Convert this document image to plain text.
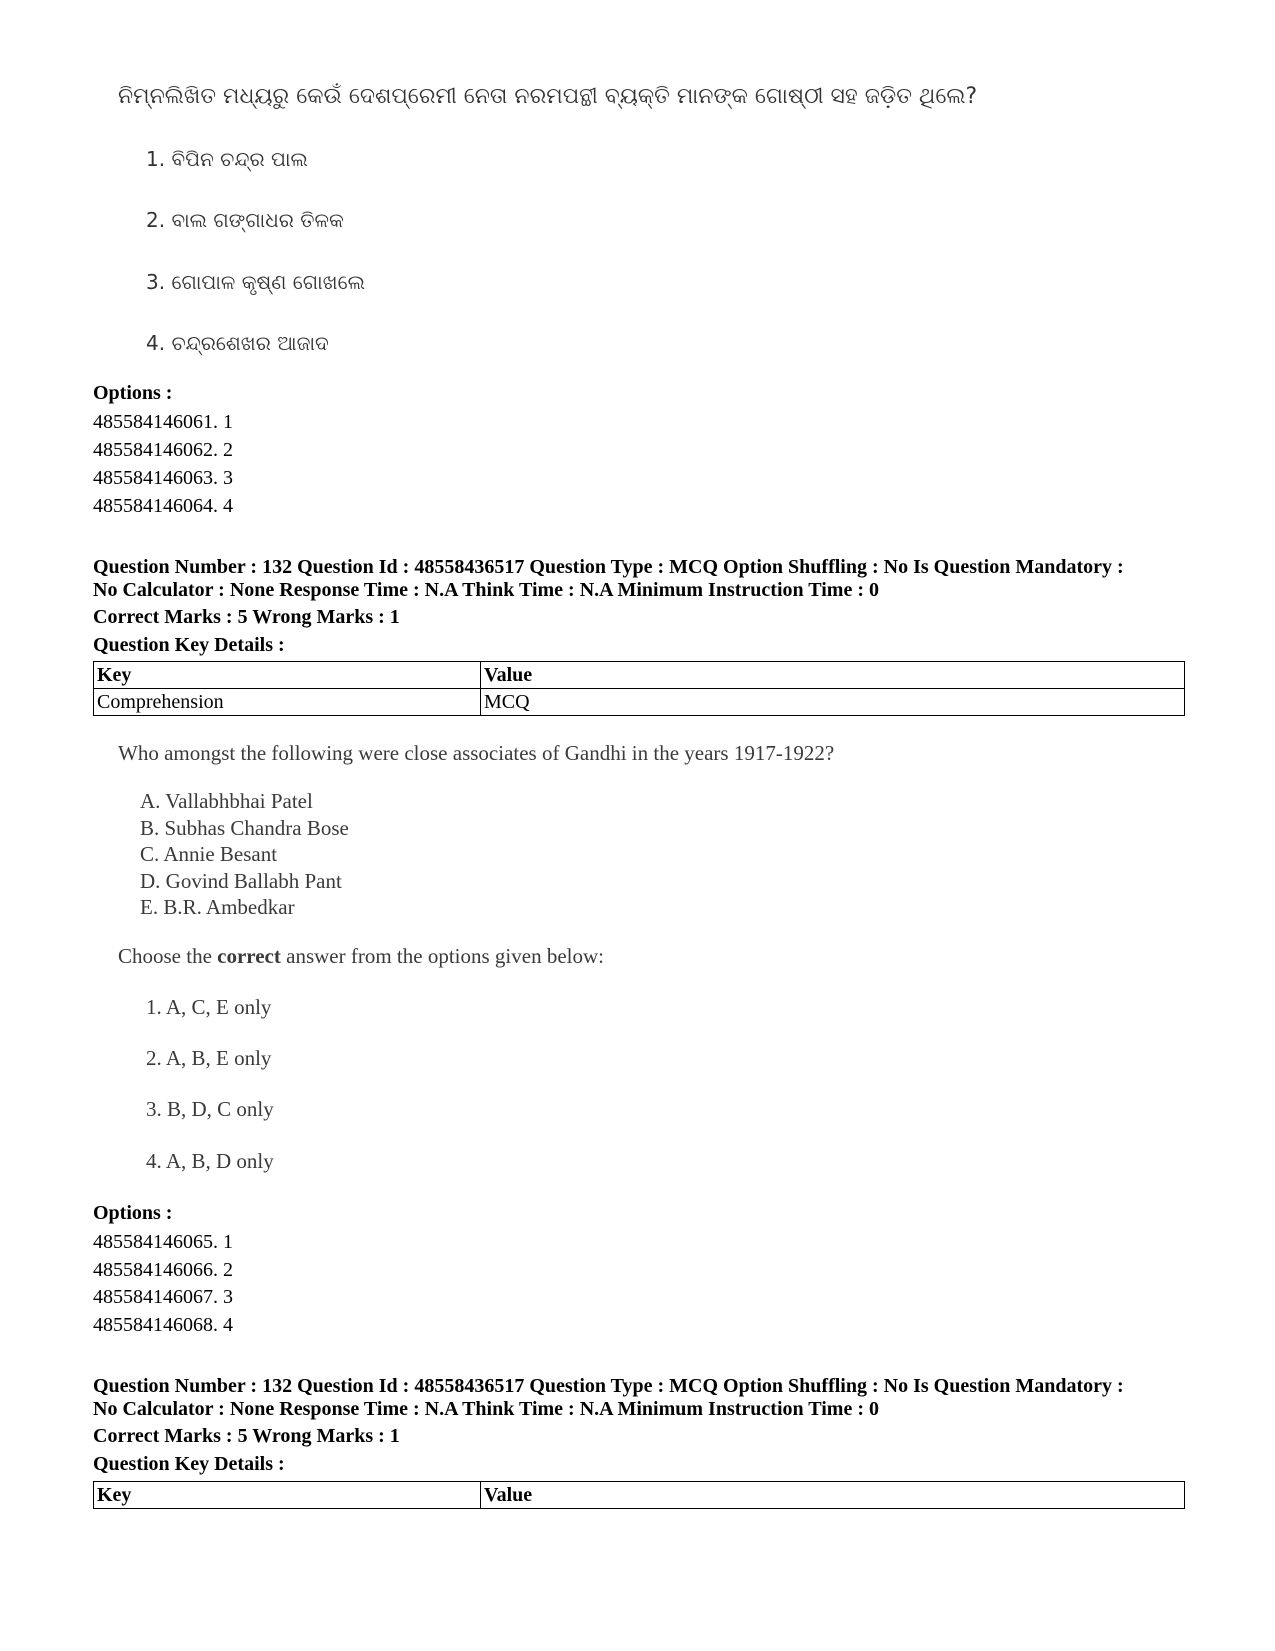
ନିମ୍ନଲିଖିତ ମଧ୍ୟରୁ କେଉଁ ଦେଶପ୍ରେମୀ ନେତା ନରମପନ୍ଥୀ ବ୍ୟକ୍ତି ମାନଙ୍କ ଗୋଷ୍ଠୀ ସହ ଜଡ଼ିତ ଥିଲେ?
1. ବିପିନ ଚନ୍ଦ୍ର ପାଲ
2. ବାଲ ଗଙ୍ଗାଧର ତିଳକ
3. ଗୋପାଳ କୃଷ୍ଣ ଗୋଖଲେ
4. ଚନ୍ଦ୍ରଶେଖର ଆଜାଦ
Options :
485584146061. 1
485584146062. 2
485584146063. 3
485584146064. 4
Question Number : 132 Question Id : 48558436517 Question Type : MCQ Option Shuffling : No Is Question Mandatory :
No Calculator : None Response Time : N.A Think Time : N.A Minimum Instruction Time : 0
Correct Marks : 5 Wrong Marks : 1
Question Key Details :
Key	Value
Comprehension	MCQ
Who amongst the following were close associates of Gandhi in the years 1917-1922?
A. Vallabhbhai Patel
B. Subhas Chandra Bose
C. Annie Besant
D. Govind Ballabh Pant
E. B.R. Ambedkar
Choose the correct answer from the options given below:
1. A, C, E only
2. A, B, E only
3. B, D, C only
4. A, B, D only
Options :
485584146065. 1
485584146066. 2
485584146067. 3
485584146068. 4
Question Number : 132 Question Id : 48558436517 Question Type : MCQ Option Shuffling : No Is Question Mandatory :
No Calculator : None Response Time : N.A Think Time : N.A Minimum Instruction Time : 0
Correct Marks : 5 Wrong Marks : 1
Question Key Details :
Key	Value
